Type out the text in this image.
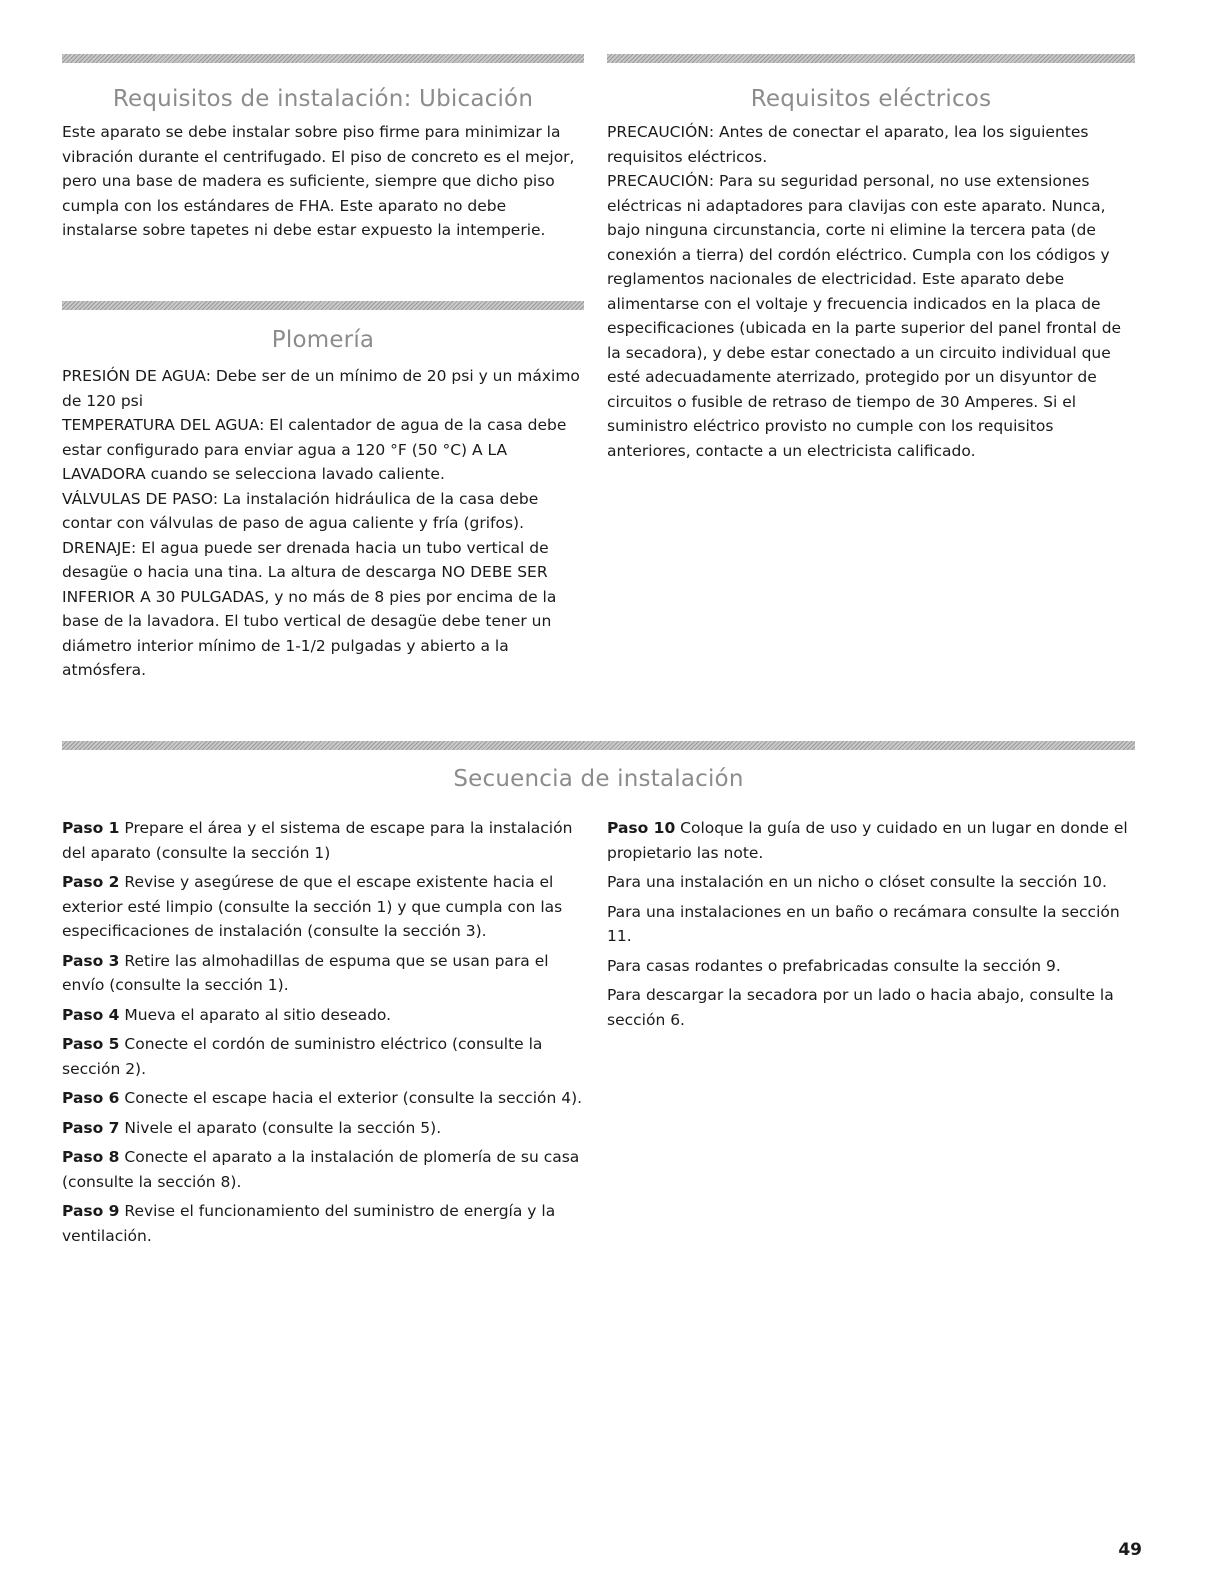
Requisitos de instalación: Ubicación

Este aparato se debe instalar sobre piso firme para minimizar la vibración durante el centrifugado. El piso de concreto es el mejor, pero una base de madera es suficiente, siempre que dicho piso cumpla con los estándares de FHA. Este aparato no debe instalarse sobre tapetes ni debe estar expuesto la intemperie.

Plomería

PRESIÓN DE AGUA: Debe ser de un mínimo de 20 psi y un máximo de 120 psi

TEMPERATURA DEL AGUA: El calentador de agua de la casa debe estar configurado para enviar agua a 120 °F (50 °C) A LA LAVADORA cuando se selecciona lavado caliente.

VÁLVULAS DE PASO: La instalación hidráulica de la casa debe contar con válvulas de paso de agua caliente y fría (grifos).

DRENAJE: El agua puede ser drenada hacia un tubo vertical de desagüe o hacia una tina. La altura de descarga NO DEBE SER INFERIOR A 30 PULGADAS, y no más de 8 pies por encima de la base de la lavadora. El tubo vertical de desagüe debe tener un diámetro interior mínimo de 1-1/2 pulgadas y abierto a la atmósfera.

Requisitos eléctricos

PRECAUCIÓN: Antes de conectar el aparato, lea los siguientes requisitos eléctricos.

PRECAUCIÓN: Para su seguridad personal, no use extensiones eléctricas ni adaptadores para clavijas con este aparato. Nunca, bajo ninguna circunstancia, corte ni elimine la tercera pata (de conexión a tierra) del cordón eléctrico. Cumpla con los códigos y reglamentos nacionales de electricidad. Este aparato debe alimentarse con el voltaje y frecuencia indicados en la placa de especificaciones (ubicada en la parte superior del panel frontal de la secadora), y debe estar conectado a un circuito individual que esté adecuadamente aterrizado, protegido por un disyuntor de circuitos o fusible de retraso de tiempo de 30 Amperes. Si el suministro eléctrico provisto no cumple con los requisitos anteriores, contacte a un electricista calificado.

Secuencia de instalación

Paso 1 Prepare el área y el sistema de escape para la instalación del aparato (consulte la sección 1)

Paso 2 Revise y asegúrese de que el escape existente hacia el exterior esté limpio (consulte la sección 1) y que cumpla con las especificaciones de instalación (consulte la sección 3).

Paso 3 Retire las almohadillas de espuma que se usan para el envío (consulte la sección 1).

Paso 4 Mueva el aparato al sitio deseado.

Paso 5 Conecte el cordón de suministro eléctrico (consulte la sección 2).

Paso 6 Conecte el escape hacia el exterior (consulte la sección 4).

Paso 7 Nivele el aparato (consulte la sección 5).

Paso 8 Conecte el aparato a la instalación de plomería de su casa (consulte la sección 8).

Paso 9 Revise el funcionamiento del suministro de energía y la ventilación.

Paso 10 Coloque la guía de uso y cuidado en un lugar en donde el propietario las note.

Para una instalación en un nicho o clóset consulte la sección 10.

Para una instalaciones en un baño o recámara consulte la sección 11.

Para casas rodantes o prefabricadas consulte la sección 9.

Para descargar la secadora por un lado o hacia abajo, consulte la sección 6.

49
